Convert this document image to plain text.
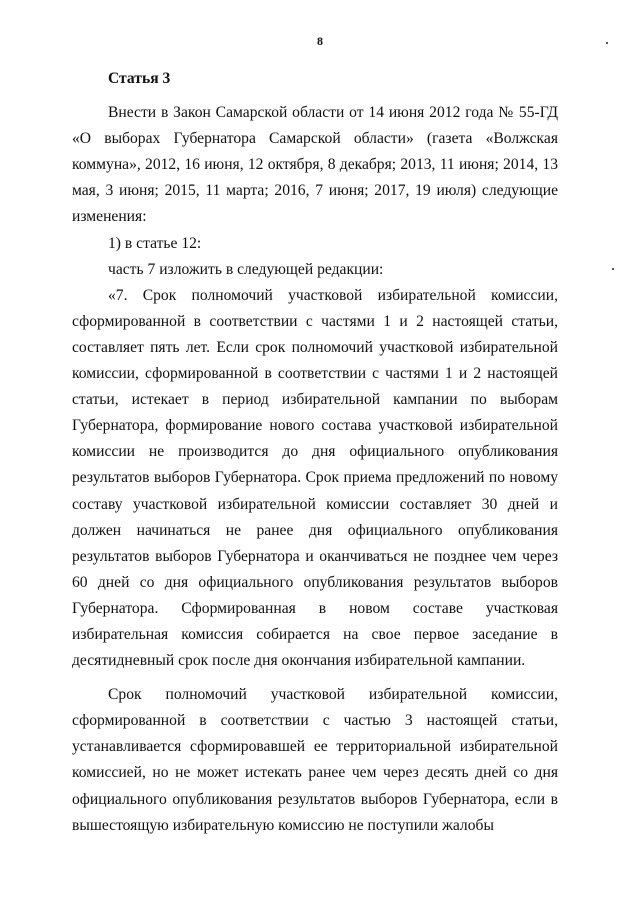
8

Статья 3

Внести в Закон Самарской области от 14 июня 2012 года № 55-ГД «О выборах Губернатора Самарской области» (газета «Волжская коммуна», 2012, 16 июня, 12 октября, 8 декабря; 2013, 11 июня; 2014, 13 мая, 3 июня; 2015, 11 марта; 2016, 7 июня; 2017, 19 июля) следующие изменения:

1) в статье 12:

часть 7 изложить в следующей редакции:

«7. Срок полномочий участковой избирательной комиссии, сформированной в соответствии с частями 1 и 2 настоящей статьи, составляет пять лет. Если срок полномочий участковой избирательной комиссии, сформированной в соответствии с частями 1 и 2 настоящей статьи, истекает в период избирательной кампании по выборам Губернатора, формирование нового состава участковой избирательной комиссии не производится до дня официального опубликования результатов выборов Губернатора. Срок приема предложений по новому составу участковой избирательной комиссии составляет 30 дней и должен начинаться не ранее дня официального опубликования результатов выборов Губернатора и оканчиваться не позднее чем через 60 дней со дня официального опубликования результатов выборов Губернатора. Сформированная в новом составе участковая избирательная комиссия собирается на свое первое заседание в десятидневный срок после дня окончания избирательной кампании.

Срок полномочий участковой избирательной комиссии, сформированной в соответствии с частью 3 настоящей статьи, устанавливается сформировавшей ее территориальной избирательной комиссией, но не может истекать ранее чем через десять дней со дня официального опубликования результатов выборов Губернатора, если в вышестоящую избирательную комиссию не поступили жалобы
